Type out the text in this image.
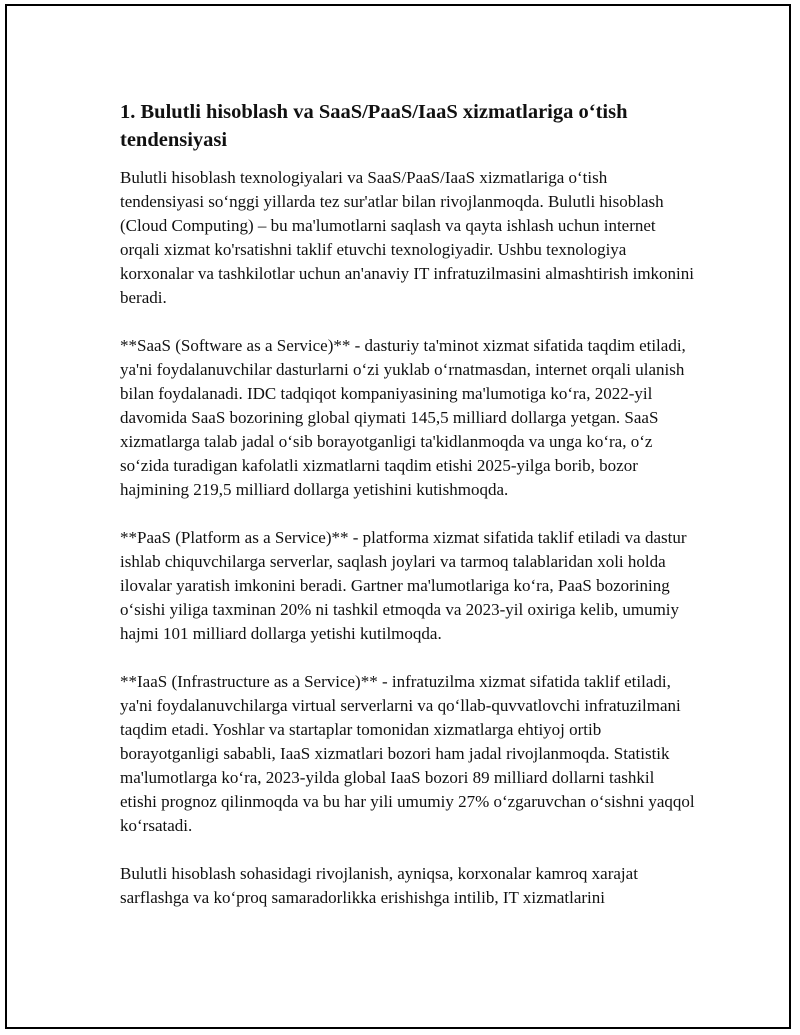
1. Bulutli hisoblash va SaaS/PaaS/IaaS xizmatlariga o‘tish tendensiyasi

Bulutli hisoblash texnologiyalari va SaaS/PaaS/IaaS xizmatlariga o‘tish tendensiyasi so‘nggi yillarda tez sur'atlar bilan rivojlanmoqda. Bulutli hisoblash (Cloud Computing) – bu ma'lumotlarni saqlash va qayta ishlash uchun internet orqali xizmat ko'rsatishni taklif etuvchi texnologiyadir. Ushbu texnologiya korxonalar va tashkilotlar uchun an'anaviy IT infratuzilmasini almashtirish imkonini beradi.

**SaaS (Software as a Service)** - dasturiy ta'minot xizmat sifatida taqdim etiladi, ya'ni foydalanuvchilar dasturlarni o‘zi yuklab o‘rnatmasdan, internet orqali ulanish bilan foydalanadi. IDC tadqiqot kompaniyasining ma'lumotiga ko‘ra, 2022-yil davomida SaaS bozorining global qiymati 145,5 milliard dollarga yetgan. SaaS xizmatlarga talab jadal o‘sib borayotganligi ta'kidlanmoqda va unga ko‘ra, o‘z so‘zida turadigan kafolatli xizmatlarni taqdim etishi 2025-yilga borib, bozor hajmining 219,5 milliard dollarga yetishini kutishmoqda.

**PaaS (Platform as a Service)** - platforma xizmat sifatida taklif etiladi va dastur ishlab chiquvchilarga serverlar, saqlash joylari va tarmoq talablaridan xoli holda ilovalar yaratish imkonini beradi. Gartner ma'lumotlariga ko‘ra, PaaS bozorining o‘sishi yiliga taxminan 20% ni tashkil etmoqda va 2023-yil oxiriga kelib, umumiy hajmi 101 milliard dollarga yetishi kutilmoqda.

**IaaS (Infrastructure as a Service)** - infratuzilma xizmat sifatida taklif etiladi, ya'ni foydalanuvchilarga virtual serverlarni va qo‘llab-quvvatlovchi infratuzilmani taqdim etadi. Yoshlar va startaplar tomonidan xizmatlarga ehtiyoj ortib borayotganligi sababli, IaaS xizmatlari bozori ham jadal rivojlanmoqda. Statistik ma'lumotlarga ko‘ra, 2023-yilda global IaaS bozori 89 milliard dollarni tashkil etishi prognoz qilinmoqda va bu har yili umumiy 27% o‘zgaruvchan o‘sishni yaqqol ko‘rsatadi.

Bulutli hisoblash sohasidagi rivojlanish, ayniqsa, korxonalar kamroq xarajat sarflashga va ko‘proq samaradorlikka erishishga intilib, IT xizmatlarini
